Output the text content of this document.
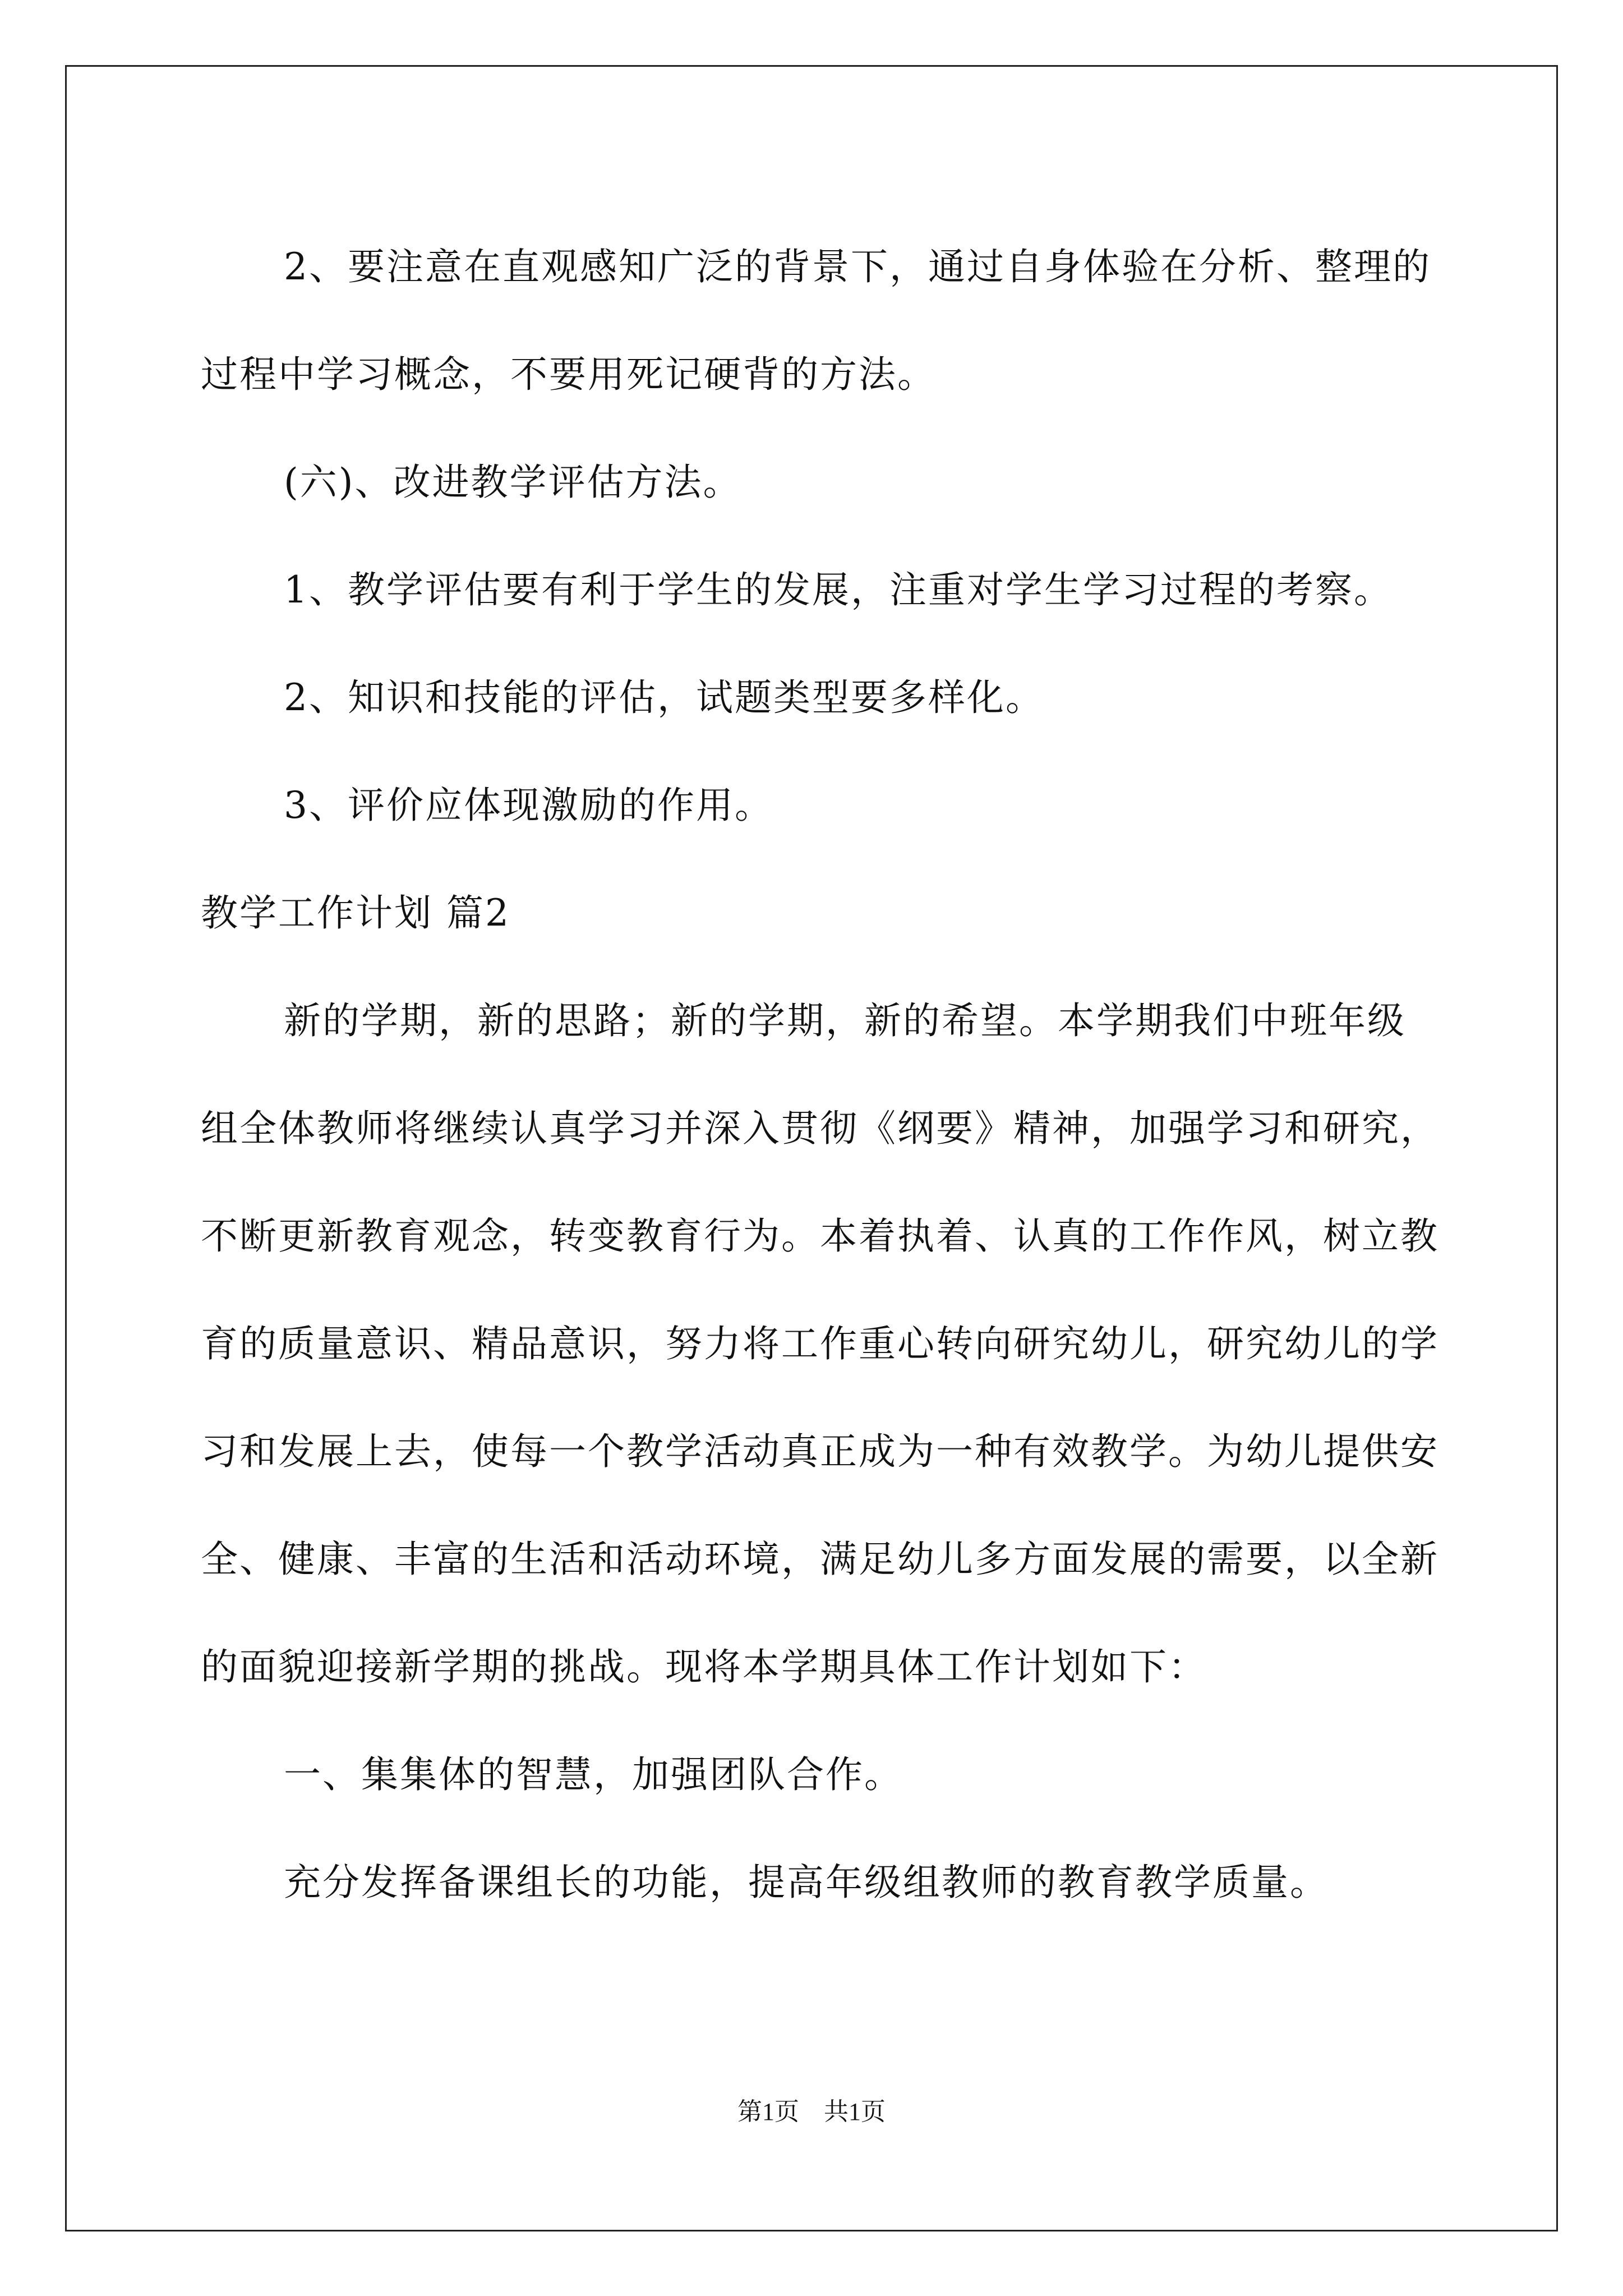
2、要注意在直观感知广泛的背景下，通过自身体验在分析、整理的过程中学习概念，不要用死记硬背的方法。

(六)、改进教学评估方法。

1、教学评估要有利于学生的发展，注重对学生学习过程的考察。

2、知识和技能的评估，试题类型要多样化。

3、评价应体现激励的作用。

教学工作计划 篇2

新的学期，新的思路；新的学期，新的希望。本学期我们中班年级组全体教师将继续认真学习并深入贯彻《纲要》精神，加强学习和研究，不断更新教育观念，转变教育行为。本着执着、认真的工作作风，树立教育的质量意识、精品意识，努力将工作重心转向研究幼儿，研究幼儿的学习和发展上去，使每一个教学活动真正成为一种有效教学。为幼儿提供安全、健康、丰富的生活和活动环境，满足幼儿多方面发展的需要，以全新的面貌迎接新学期的挑战。现将本学期具体工作计划如下：

一、集集体的智慧，加强团队合作。

充分发挥备课组长的功能，提高年级组教师的教育教学质量。

第1页　共1页
